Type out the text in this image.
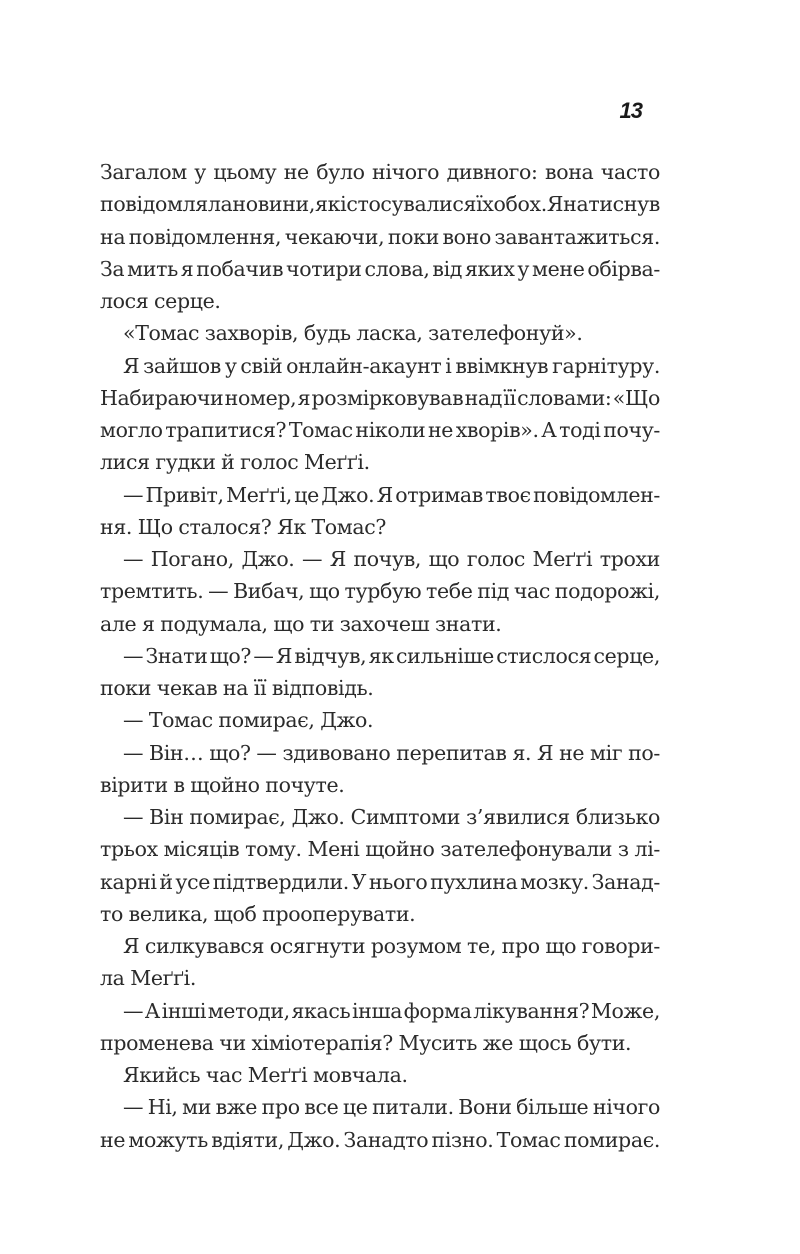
13
Загалом у цьому не було нічого дивного: вона часто
повідомляла новини, які стосувалися їх обох. Я натиснув
на повідомлення, чекаючи, поки воно завантажиться.
За мить я побачив чотири слова, від яких у мене обірва-
лося серце.
«Томас захворів, будь ласка, зателефонуй».
Я зайшов у свій онлайн-акаунт і ввімкнув гарнітуру.
Набираючи номер, я розмірковував над її словами: «Що
могло трапитися? Томас ніколи не хворів». А тоді почу-
лися гудки й голос Меґґі.
— Привіт, Меґґі, це Джо. Я отримав твоє повідомлен-
ня. Що сталося? Як Томас?
— Погано, Джо. — Я почув, що голос Меґґі трохи
тремтить. — Вибач, що турбую тебе під час подорожі,
але я подумала, що ти захочеш знати.
— Знати що? — Я відчув, як сильніше стислося серце,
поки чекав на її відповідь.
— Томас помирає, Джо.
— Він… що? — здивовано перепитав я. Я не міг по-
вірити в щойно почуте.
— Він помирає, Джо. Симптоми з’явилися близько
трьох місяців тому. Мені щойно зателефонували з лі-
карні й усе підтвердили. У нього пухлина мозку. Занад-
то велика, щоб прооперувати.
Я силкувався осягнути розумом те, про що говори-
ла Меґґі.
— А інші методи, якась інша форма лікування? Може,
променева чи хіміотерапія? Мусить же щось бути.
Якийсь час Меґґі мовчала.
— Ні, ми вже про все це питали. Вони більше нічого
не можуть вдіяти, Джо. Занадто пізно. Томас помирає.
